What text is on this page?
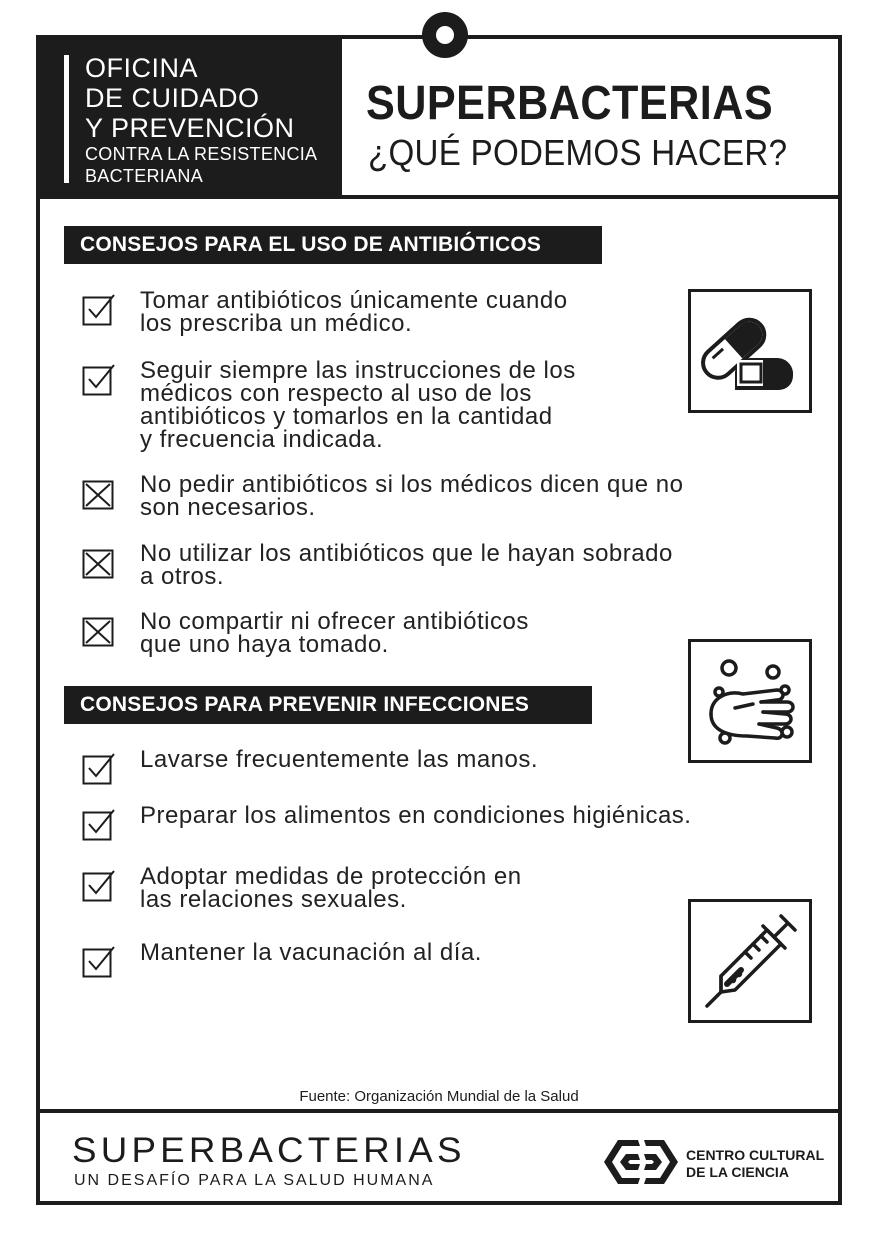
OFICINA
DE CUIDADO
Y PREVENCIÓN
CONTRA LA RESISTENCIA
BACTERIANA
SUPERBACTERIAS
¿QUÉ PODEMOS HACER?
CONSEJOS PARA EL USO DE ANTIBIÓTICOS
Tomar antibióticos únicamente cuando
los prescriba un médico.
Seguir siempre las instrucciones de los
médicos con respecto al uso de los
antibióticos y tomarlos en la cantidad
y frecuencia indicada.
No pedir antibióticos si los médicos dicen que no
son necesarios.
No utilizar los antibióticos que le hayan sobrado
a otros.
No compartir ni ofrecer antibióticos
que uno haya tomado.
CONSEJOS PARA PREVENIR INFECCIONES
Lavarse frecuentemente las manos.
Preparar los alimentos en condiciones higiénicas.
Adoptar medidas de protección en
las relaciones sexuales.
Mantener la vacunación al día.
Fuente: Organización Mundial de la Salud
SUPERBACTERIAS
UN DESAFÍO PARA LA SALUD HUMANA
CENTRO CULTURAL
DE LA CIENCIA
